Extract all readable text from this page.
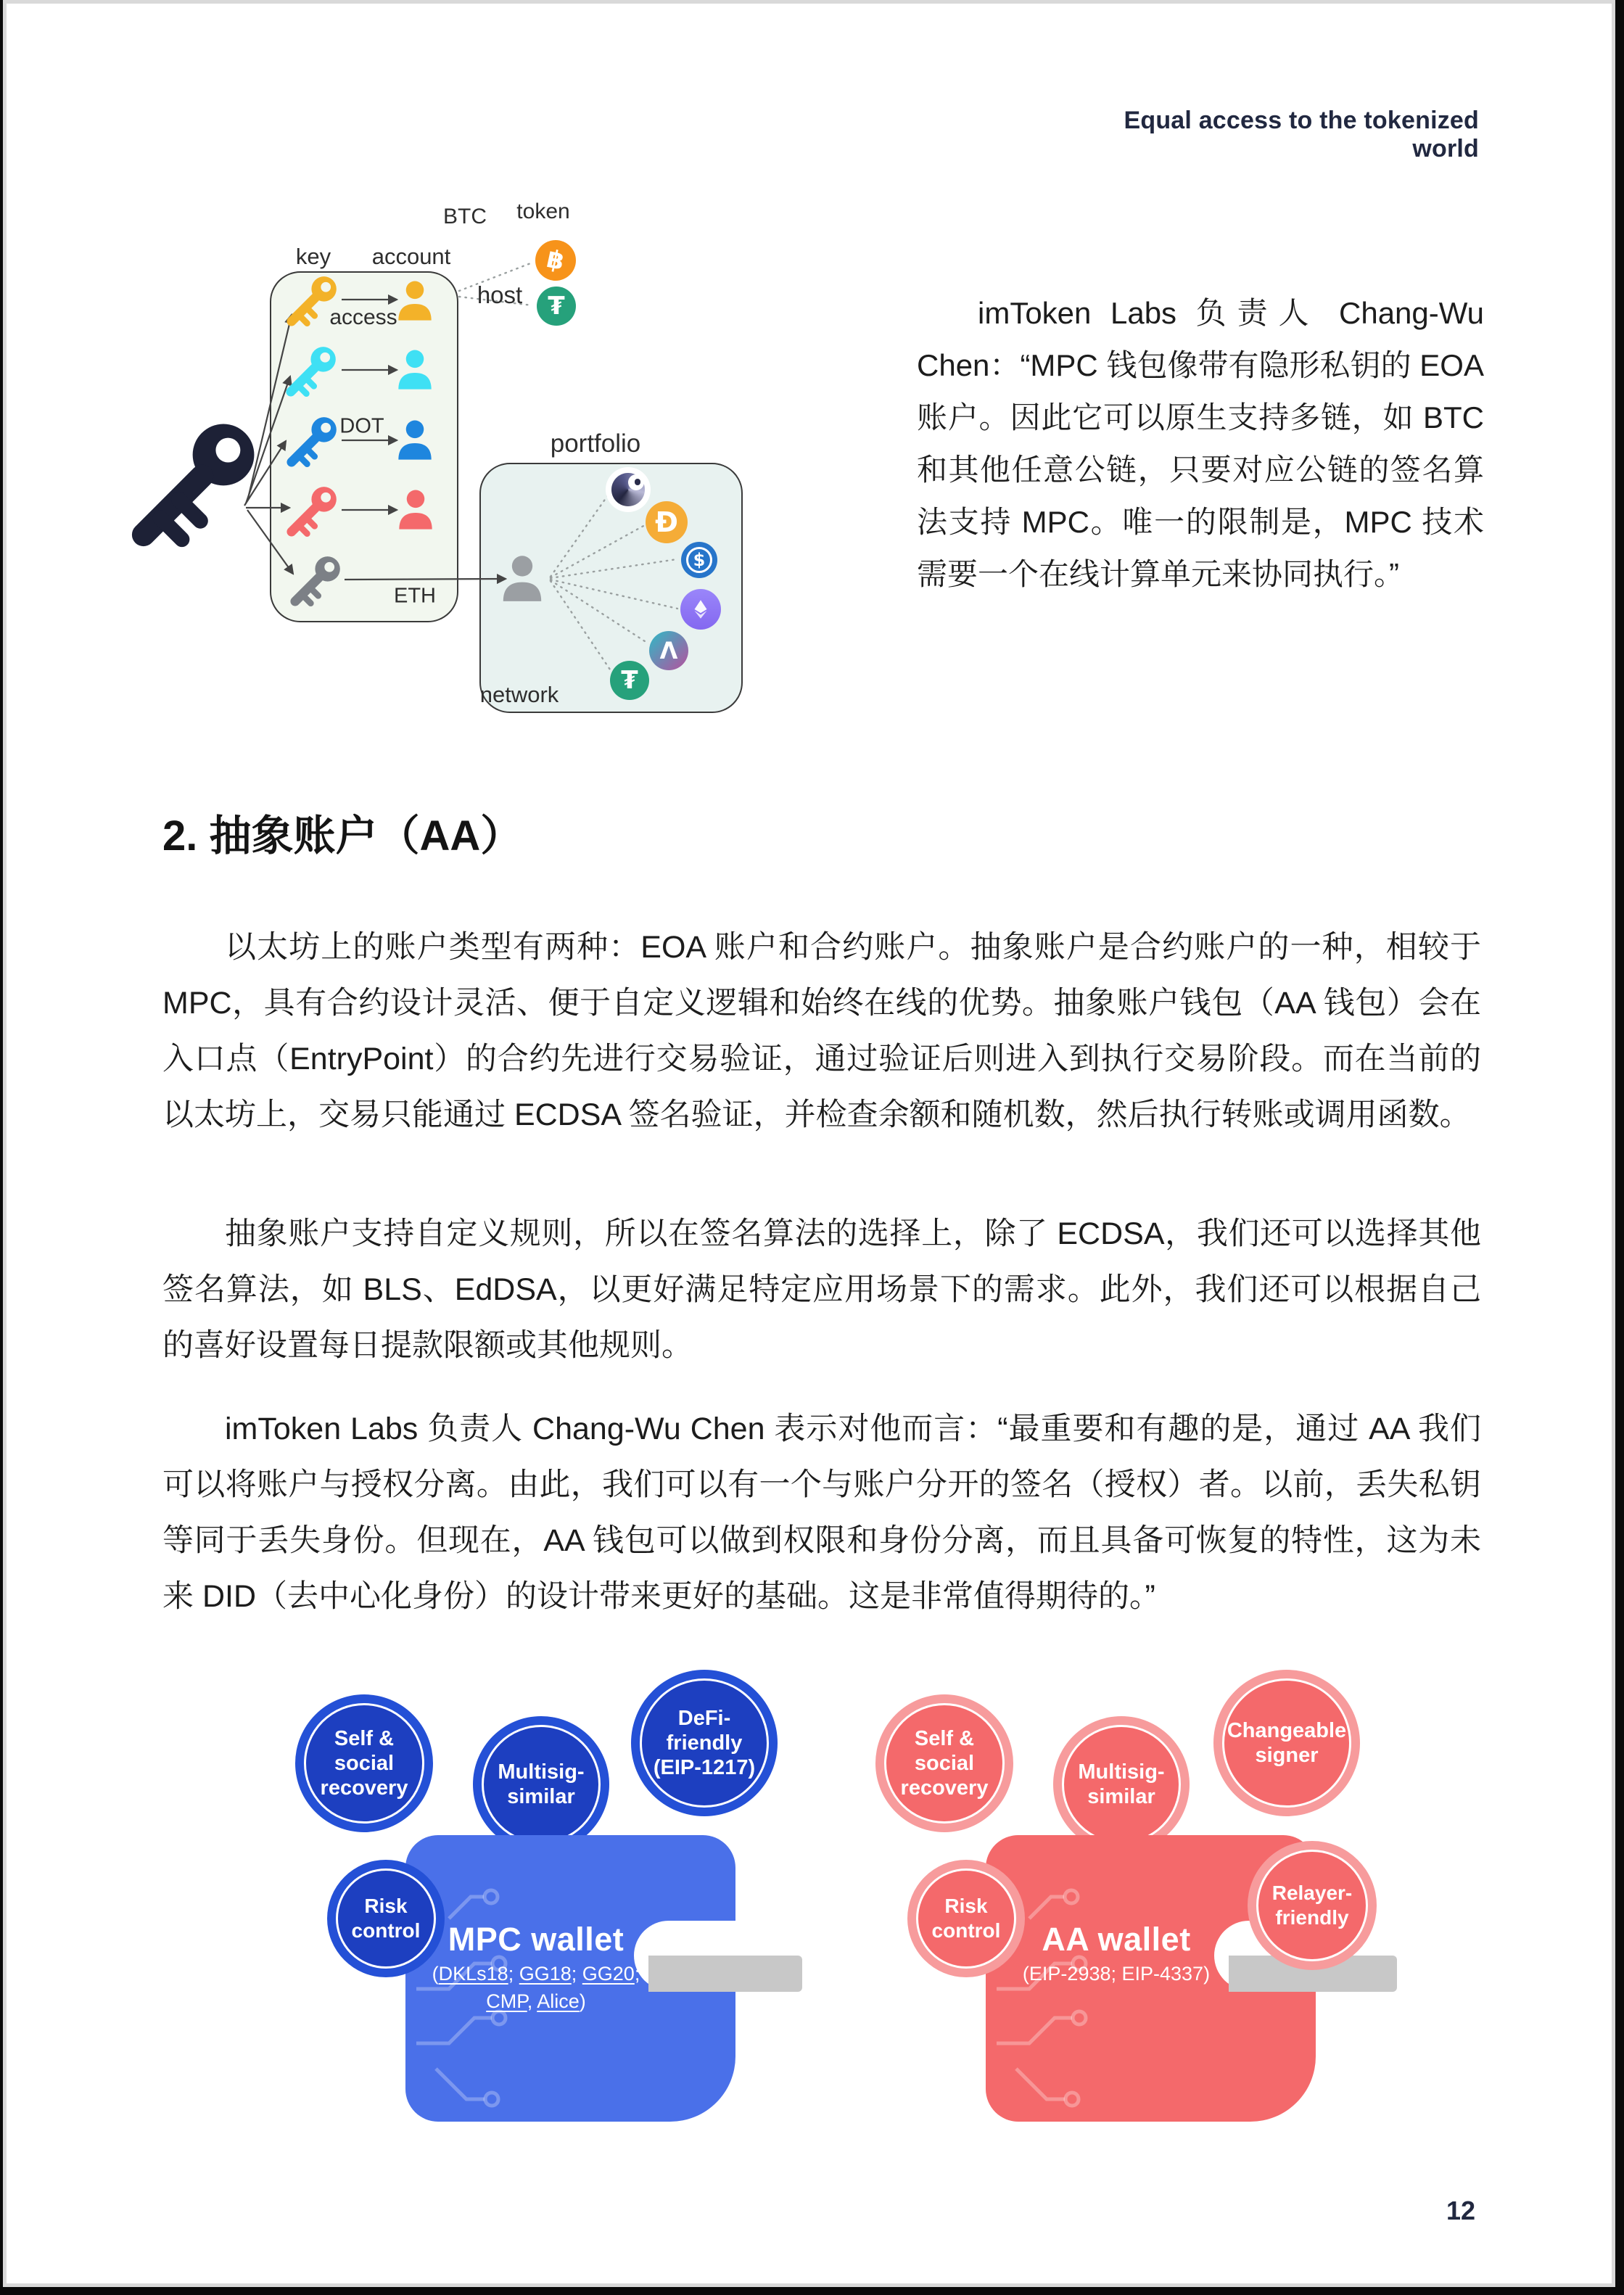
Equal access to the tokenized world
key account
BTC token
host
access
DOT
ETH
portfolio
network
฿
₮
Đ
$
Λ
₮
imToken Labs 负责人 Chang-Wu Chen：“MPC 钱包像带有隐形私钥的 EOA 账户。因此它可以原生支持多链，如 BTC 和其他任意公链，只要对应公链的签名算法支持 MPC。唯一的限制是，MPC 技术需要一个在线计算单元来协同执行。”
2. 抽象账户（AA）
以太坊上的账户类型有两种：EOA 账户和合约账户。抽象账户是合约账户的一种，相较于 MPC，具有合约设计灵活、便于自定义逻辑和始终在线的优势。抽象账户钱包（AA 钱包）会在入口点（EntryPoint）的合约先进行交易验证，通过验证后则进入到执行交易阶段。而在当前的以太坊上，交易只能通过 ECDSA 签名验证，并检查余额和随机数，然后执行转账或调用函数。
抽象账户支持自定义规则，所以在签名算法的选择上，除了 ECDSA，我们还可以选择其他签名算法，如 BLS、EdDSA，以更好满足特定应用场景下的需求。此外，我们还可以根据自己的喜好设置每日提款限额或其他规则。
imToken Labs 负责人 Chang-Wu Chen 表示对他而言：“最重要和有趣的是，通过 AA 我们可以将账户与授权分离。由此，我们可以有一个与账户分开的签名（授权）者。以前，丢失私钥等同于丢失身份。但现在，AA 钱包可以做到权限和身份分离，而且具备可恢复的特性，这为未来 DID（去中心化身份）的设计带来更好的基础。这是非常值得期待的。”
MPC wallet
(DKLs18; GG18; GG20;
CMP, Alice)
Self & social recovery
Multisig-similar
DeFi- friendly (EIP-1217)
Risk control	AA wallet
(EIP-2938; EIP-4337)
Self & social recovery
Multisig-similar
Changeable signer
Risk control
Relayer-friendly
12
